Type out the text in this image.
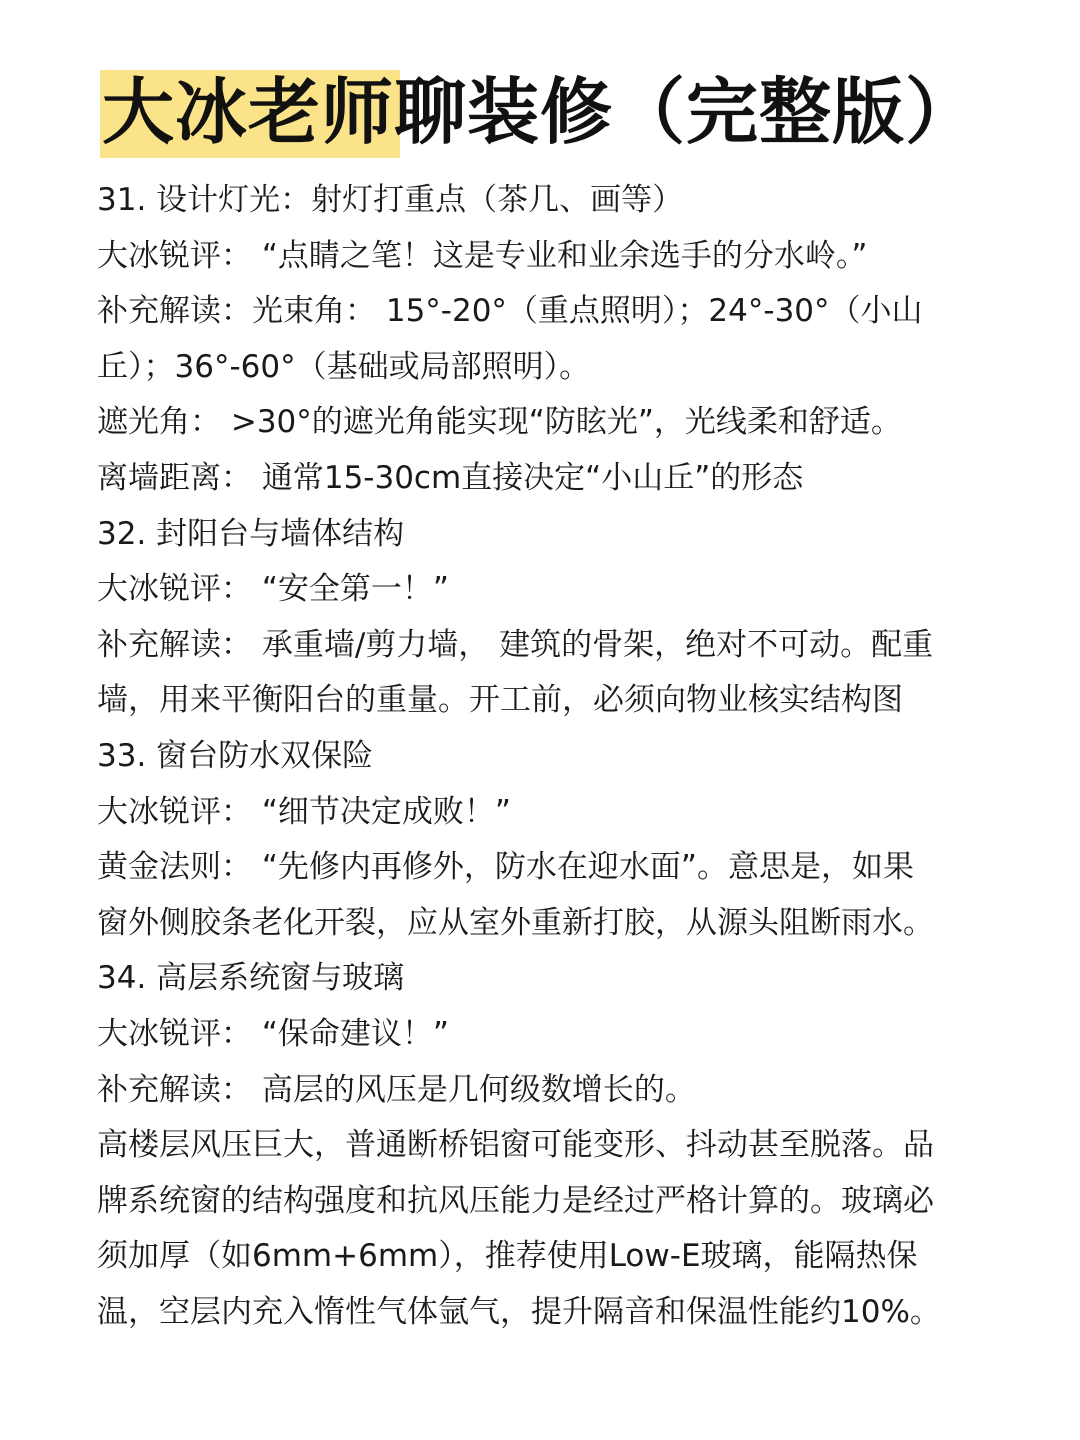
大冰老师聊装修（完整版）
31. 设计灯光：射灯打重点（茶几、画等）
大冰锐评： “点睛之笔！这是专业和业余选手的分水岭。”
补充解读：光束角： 15°-20°（重点照明）；24°-30°（小山
丘）；36°-60°（基础或局部照明）。
遮光角： >30°的遮光角能实现“防眩光”，光线柔和舒适。
离墙距离： 通常15-30cm直接决定“小山丘”的形态
32. 封阳台与墙体结构
大冰锐评： “安全第一！”
补充解读： 承重墙/剪力墙， 建筑的骨架，绝对不可动。配重
墙，用来平衡阳台的重量。开工前，必须向物业核实结构图
33. 窗台防水双保险
大冰锐评： “细节决定成败！”
黄金法则： “先修内再修外，防水在迎水面”。意思是，如果
窗外侧胶条老化开裂，应从室外重新打胶，从源头阻断雨水。
34. 高层系统窗与玻璃
大冰锐评： “保命建议！”
补充解读： 高层的风压是几何级数增长的。
高楼层风压巨大，普通断桥铝窗可能变形、抖动甚至脱落。品
牌系统窗的结构强度和抗风压能力是经过严格计算的。玻璃必
须加厚（如6mm+6mm），推荐使用Low-E玻璃，能隔热保
温，空层内充入惰性气体氩气，提升隔音和保温性能约10%。
